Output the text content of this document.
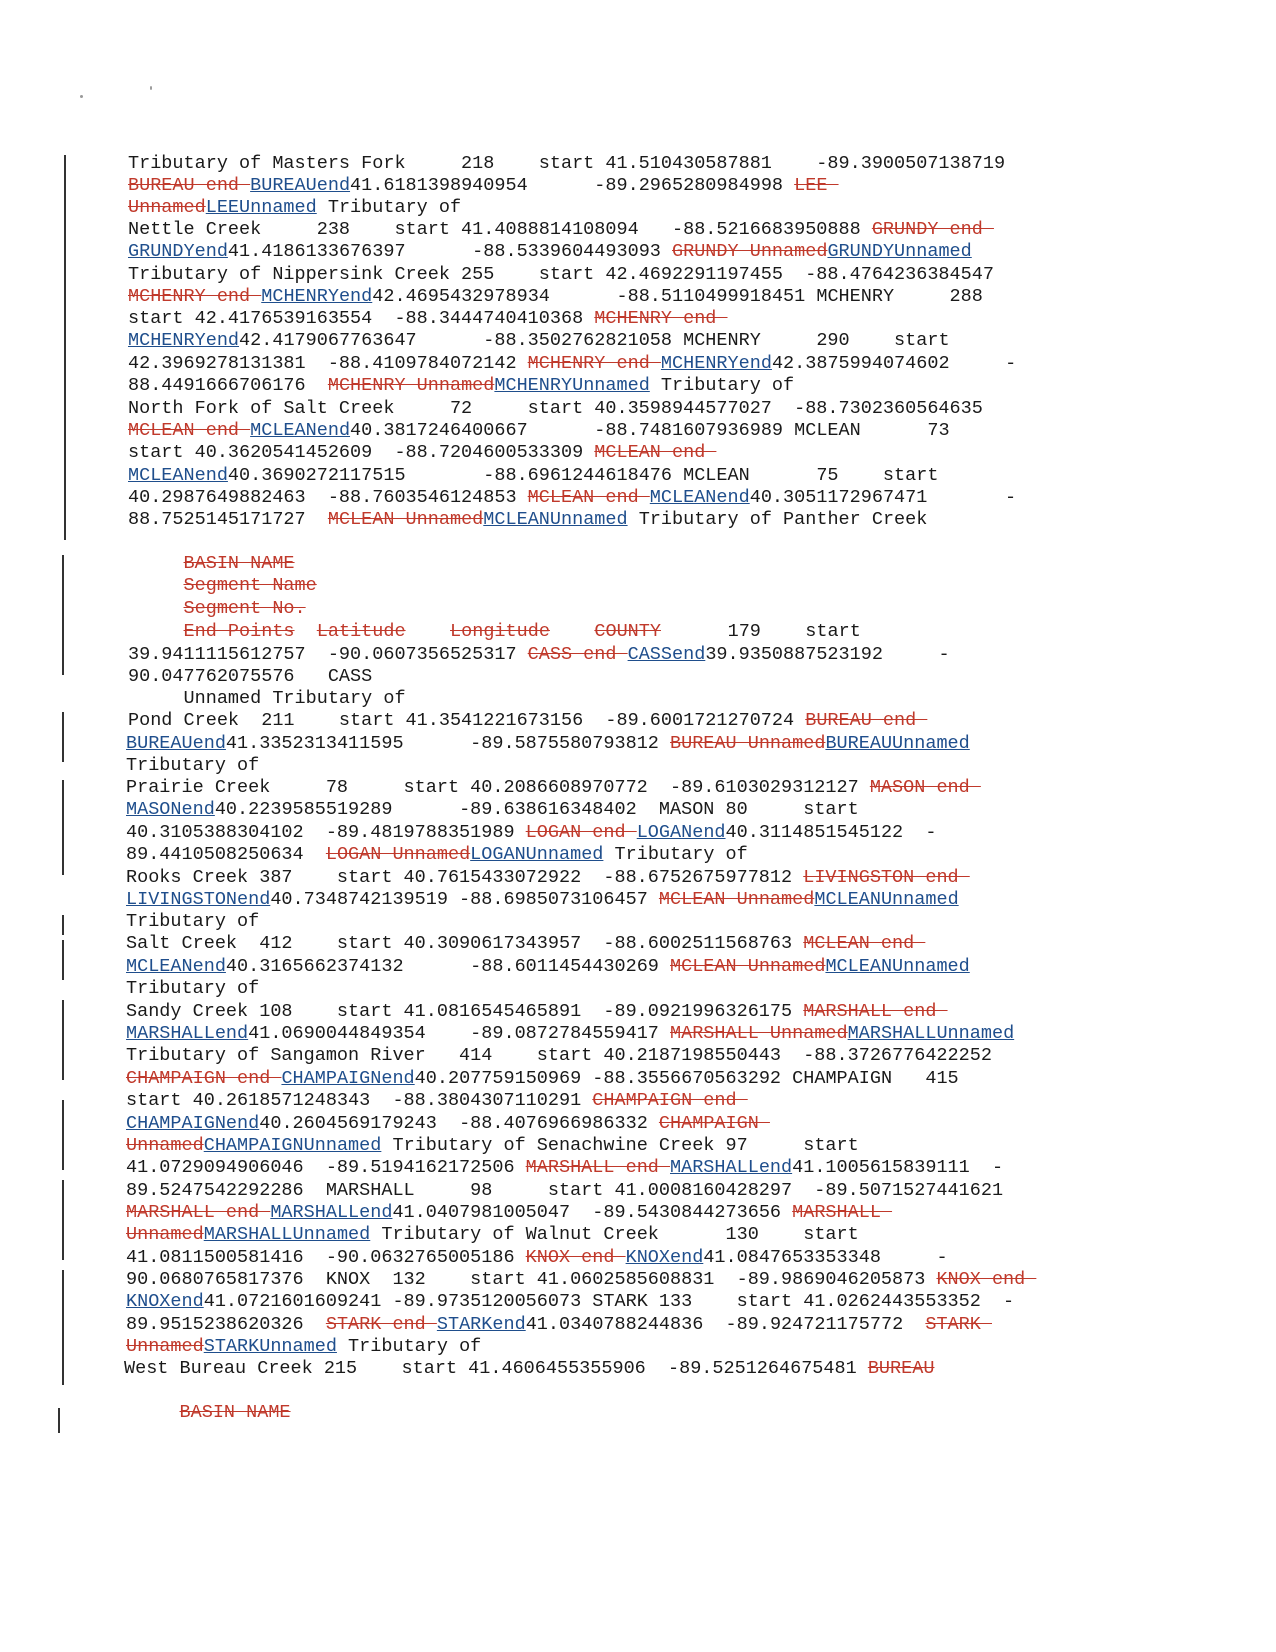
Tributary of Masters Fork     218    start 41.510430587881    -89.3900507138719
BUREAU end BUREAUend41.6181398940954      -89.2965280984998 LEE
UnnamedLEEUnnamed Tributary of
Nettle Creek     238    start 41.4088814108094   -88.5216683950888 GRUNDY end
GRUNDYend41.4186133676397      -88.5339604493093 GRUNDY UnnamedGRUNDYUnnamed
Tributary of Nippersink Creek 255    start 42.4692291197455  -88.4764236384547
MCHENRY end MCHENRYend42.4695432978934      -88.5110499918451 MCHENRY     288
start 42.4176539163554  -88.3444740410368 MCHENRY end
MCHENRYend42.4179067763647      -88.3502762821058 MCHENRY     290    start
42.3969278131381  -88.4109784072142 MCHENRY end MCHENRYend42.3875994074602     -
88.4491666706176  MCHENRY UnnamedMCHENRYUnnamed Tributary of
North Fork of Salt Creek     72     start 40.3598944577027  -88.7302360564635
MCLEAN end MCLEANend40.3817246400667      -88.7481607936989 MCLEAN      73
start 40.3620541452609  -88.7204600533309 MCLEAN end
MCLEANend40.3690272117515       -88.6961244618476 MCLEAN      75    start
40.2987649882463  -88.7603546124853 MCLEAN end MCLEANend40.3051172967471       -
88.7525145171727  MCLEAN UnnamedMCLEANUnnamed Tributary of Panther Creek
BASIN NAME
Segment Name
Segment No.
End Points Latitude Longitude COUNTY      179    start
39.9411115612757  -90.0607356525317 CASS end CASSend39.9350887523192     -
90.047762075576   CASS
Unnamed Tributary of
Pond Creek  211    start 41.3541221673156  -89.6001721270724 BUREAU end
BUREAUend41.3352313411595      -89.5875580793812 BUREAU UnnamedBUREAUUnnamed
Tributary of
Prairie Creek     78     start 40.2086608970772  -89.6103029312127 MASON end
MASONend40.2239585519289      -89.638616348402  MASON 80     start
40.3105388304102  -89.4819788351989 LOGAN end LOGANend40.3114851545122  -
89.4410508250634  LOGAN UnnamedLOGANUnnamed Tributary of
Rooks Creek 387    start 40.7615433072922  -88.6752675977812 LIVINGSTON end
LIVINGSTONend40.7348742139519 -88.6985073106457 MCLEAN UnnamedMCLEANUnnamed
Tributary of
Salt Creek  412    start 40.3090617343957  -88.6002511568763 MCLEAN end
MCLEANend40.3165662374132      -88.6011454430269 MCLEAN UnnamedMCLEANUnnamed
Tributary of
Sandy Creek 108    start 41.0816545465891  -89.0921996326175 MARSHALL end
MARSHALLend41.0690044849354    -89.0872784559417 MARSHALL UnnamedMARSHALLUnnamed
Tributary of Sangamon River   414    start 40.2187198550443  -88.3726776422252
CHAMPAIGN end CHAMPAIGNend40.207759150969 -88.3556670563292 CHAMPAIGN   415
start 40.2618571248343  -88.3804307110291 CHAMPAIGN end
CHAMPAIGNend40.2604569179243  -88.4076966986332 CHAMPAIGN
UnnamedCHAMPAIGNUnnamed Tributary of Senachwine Creek 97     start
41.0729094906046  -89.5194162172506 MARSHALL end MARSHALLend41.1005615839111  -
89.5247542292286  MARSHALL     98     start 41.0008160428297  -89.5071527441621
MARSHALL end MARSHALLend41.0407981005047  -89.5430844273656 MARSHALL
UnnamedMARSHALLUnnamed Tributary of Walnut Creek      130    start
41.0811500581416  -90.0632765005186 KNOX end KNOXend41.0847653353348     -
90.0680765817376  KNOX  132    start 41.0602585608831  -89.9869046205873 KNOX end
KNOXend41.0721601609241 -89.9735120056073 STARK 133    start 41.0262443553352  -
89.9515238620326  STARK end STARKend41.0340788244836  -89.924721175772  STARK
UnnamedSTARKUnnamed Tributary of
West Bureau Creek 215    start 41.4606455355906  -89.5251264675481 BUREAU
BASIN NAME
